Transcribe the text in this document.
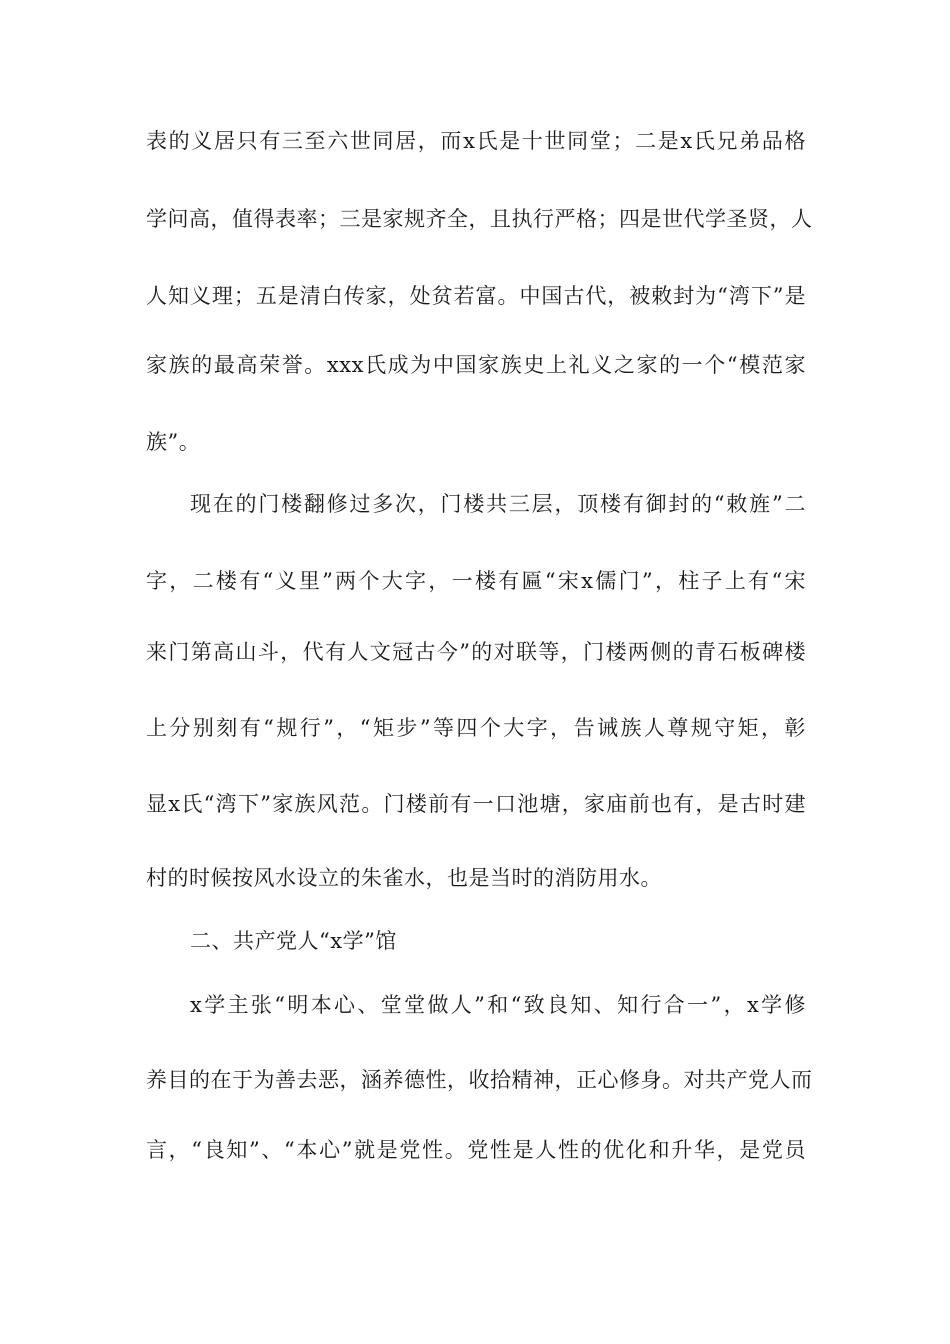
表的义居只有三至六世同居，而x氏是十世同堂；二是x氏兄弟品格
学问高，值得表率；三是家规齐全，且执行严格；四是世代学圣贤，人
人知义理；五是清白传家，处贫若富。中国古代，被敕封为“湾下”是
家族的最高荣誉。xxx氏成为中国家族史上礼义之家的一个“模范家
族”。
现在的门楼翻修过多次，门楼共三层，顶楼有御封的“敕旌”二
字，二楼有“义里”两个大字，一楼有匾“宋x儒门”，柱子上有“宋
来门第高山斗，代有人文冠古今”的对联等，门楼两侧的青石板碑楼
上分别刻有“规行”，“矩步”等四个大字，告诫族人尊规守矩，彰
显x氏“湾下”家族风范。门楼前有一口池塘，家庙前也有，是古时建
村的时候按风水设立的朱雀水，也是当时的消防用水。
二、共产党人“x学”馆
x学主张“明本心、堂堂做人”和“致良知、知行合一”，x学修
养目的在于为善去恶，涵养德性，收拾精神，正心修身。对共产党人而
言，“良知”、“本心”就是党性。党性是人性的优化和升华，是党员
